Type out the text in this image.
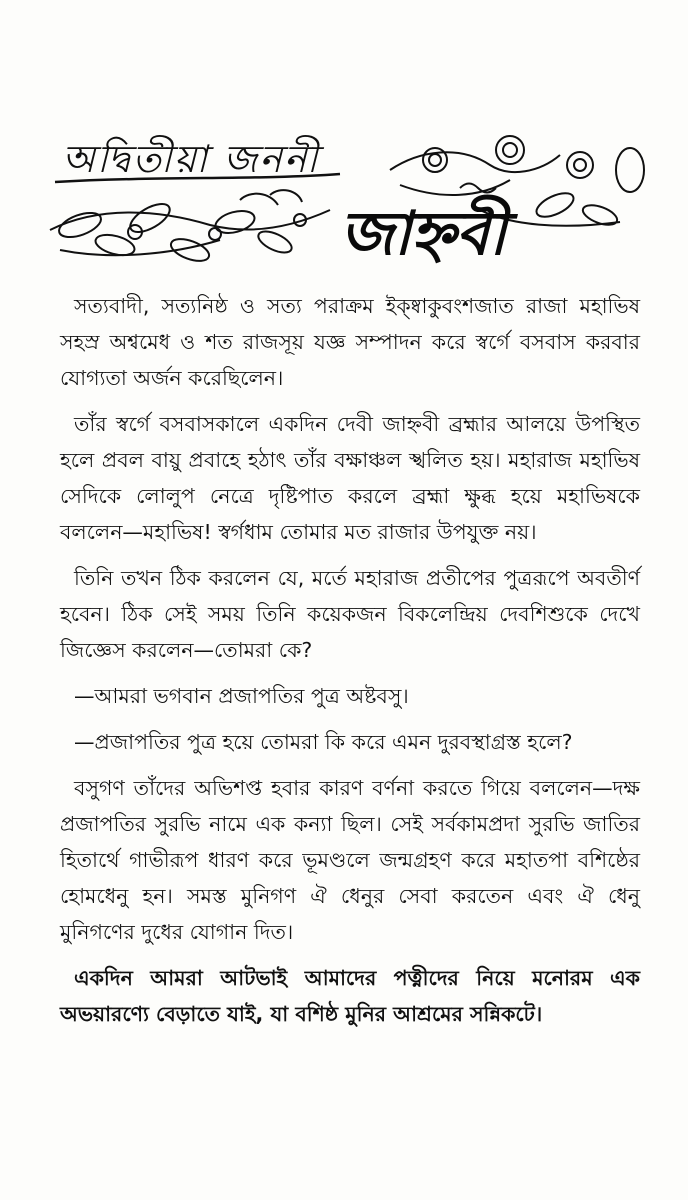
অদ্বিতীয়া জননী
জাহ্নবী

সত্যবাদী, সত্যনিষ্ঠ ও সত্য পরাক্রম ইক্ষ্বাকুবংশজাত রাজা মহাভিষ সহস্র অশ্বমেধ ও শত রাজসূয় যজ্ঞ সম্পাদন করে স্বর্গে বসবাস করবার যোগ্যতা অর্জন করেছিলেন।

তাঁর স্বর্গে বসবাসকালে একদিন দেবী জাহ্নবী ব্রহ্মার আলয়ে উপস্থিত হলে প্রবল বায়ু প্রবাহে হঠাৎ তাঁর বক্ষাঞ্চল স্খলিত হয়। মহারাজ মহাভিষ সেদিকে লোলুপ নেত্রে দৃষ্টিপাত করলে ব্রহ্মা ক্ষুব্ধ হয়ে মহাভিষকে বললেন—মহাভিষ! স্বর্গধাম তোমার মত রাজার উপযুক্ত নয়।

তিনি তখন ঠিক করলেন যে, মর্তে মহারাজ প্রতীপের পুত্ররূপে অবতীর্ণ হবেন। ঠিক সেই সময় তিনি কয়েকজন বিকলেন্দ্রিয় দেবশিশুকে দেখে জিজ্ঞেস করলেন—তোমরা কে?

—আমরা ভগবান প্রজাপতির পুত্র অষ্টবসু।

—প্রজাপতির পুত্র হয়ে তোমরা কি করে এমন দুরবস্থাগ্রস্ত হলে?

বসুগণ তাঁদের অভিশপ্ত হবার কারণ বর্ণনা করতে গিয়ে বললেন—দক্ষ প্রজাপতির সুরভি নামে এক কন্যা ছিল। সেই সর্বকামপ্রদা সুরভি জাতির হিতার্থে গাভীরূপ ধারণ করে ভূমণ্ডলে জন্মগ্রহণ করে মহাতপা বশিষ্ঠের হোমধেনু হন। সমস্ত মুনিগণ ঐ ধেনুর সেবা করতেন এবং ঐ ধেনু মুনিগণের দুধের যোগান দিত।

একদিন আমরা আটভাই আমাদের পত্নীদের নিয়ে মনোরম এক অভয়ারণ্যে বেড়াতে যাই, যা বশিষ্ঠ মুনির আশ্রমের সন্নিকটে।
